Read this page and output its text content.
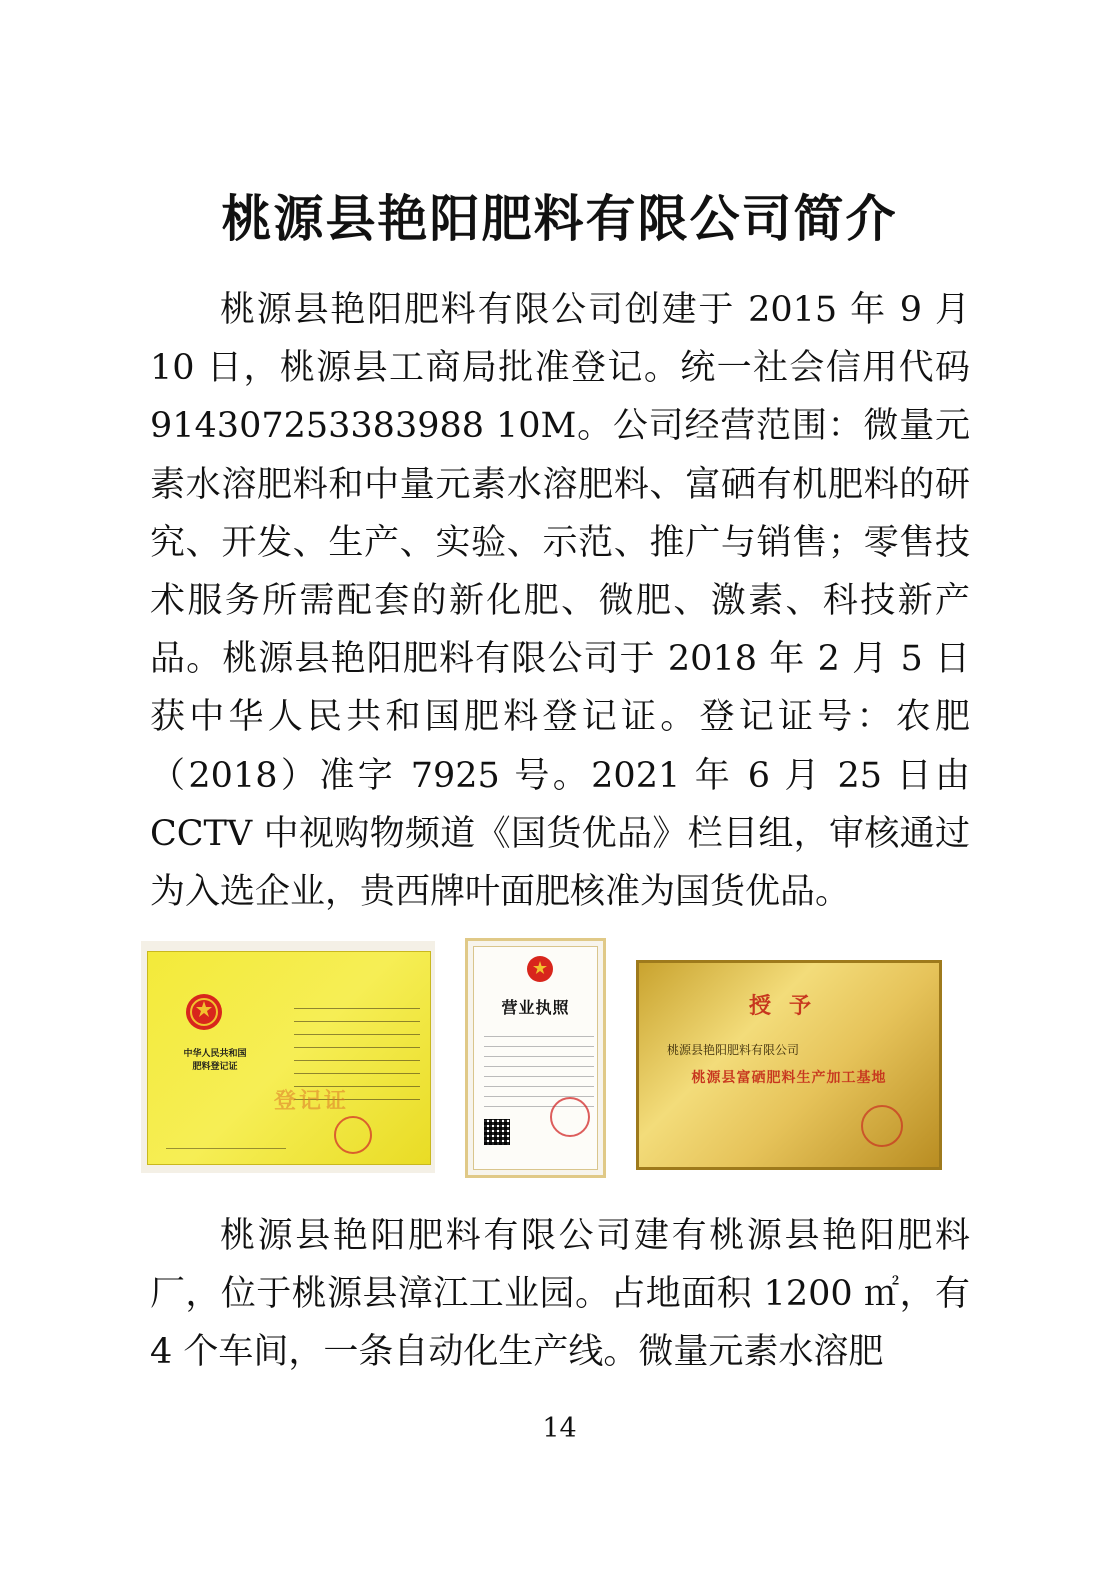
桃源县艳阳肥料有限公司简介

桃源县艳阳肥料有限公司创建于 2015 年 9 月 10 日，桃源县工商局批准登记。统一社会信用代码 914307253383988 10M。公司经营范围：微量元素水溶肥料和中量元素水溶肥料、富硒有机肥料的研究、开发、生产、实验、示范、推广与销售；零售技术服务所需配套的新化肥、微肥、激素、科技新产品。桃源县艳阳肥料有限公司于 2018 年 2 月 5 日获中华人民共和国肥料登记证。登记证号：农肥（2018）准字 7925 号。2021 年 6 月 25 日由 CCTV 中视购物频道《国货优品》栏目组，审核通过为入选企业，贵西牌叶面肥核准为国货优品。

中华人民共和国
肥料登记证
登记证
营业执照	授予
桃源县艳阳肥料有限公司
桃源县富硒肥料生产加工基地

桃源县艳阳肥料有限公司建有桃源县艳阳肥料厂，位于桃源县漳江工业园。占地面积 1200 ㎡，有 4 个车间，一条自动化生产线。微量元素水溶肥

14
